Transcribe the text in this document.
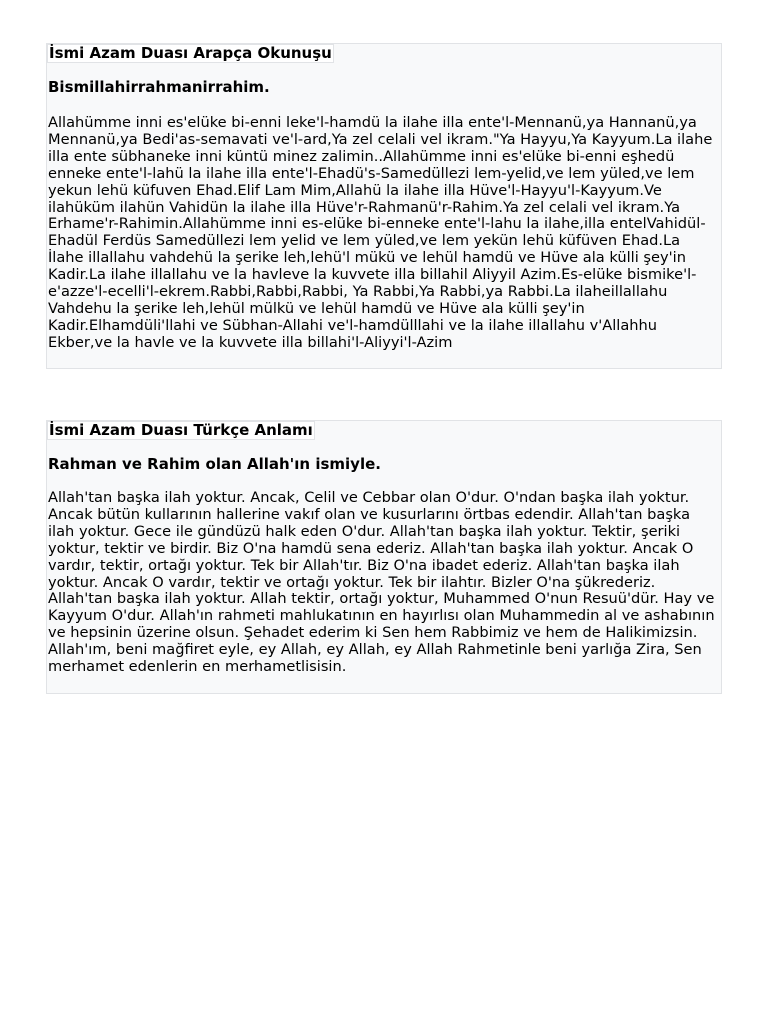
İsmi Azam Duası Arapça Okunuşu
Bismillahirrahmanirrahim.

Allahümme inni es'elüke bi-enni leke'l-hamdü la ilahe illa ente'l-Mennanü,ya Hannanü,ya Mennanü,ya Bedi'as-semavati ve'l-ard,Ya zel celali vel ikram."Ya Hayyu,Ya Kayyum.La ilahe illa ente sübhaneke inni küntü minez zalimin..Allahümme inni es'elüke bi-enni eşhedü enneke ente'l-lahü la ilahe illa ente'l-Ehadü's-Samedüllezi lem-yelid,ve lem yüled,ve lem yekun lehü küfuven Ehad.Elif Lam Mim,Allahü la ilahe illa Hüve'l-Hayyu'l-Kayyum.Ve ilahüküm ilahün Vahidün la ilahe illa Hüve'r-Rahmanü'r-Rahim.Ya zel celali vel ikram.Ya Erhame'r-Rahimin.Allahümme inni es-elüke bi-enneke ente'l-lahu la ilahe,illa entelVahidül-Ehadül Ferdüs Samedüllezi lem yelid ve lem yüled,ve lem yekün lehü küfüven Ehad.La İlahe illallahu vahdehü la şerike leh,lehü'l mükü ve lehül hamdü ve Hüve ala külli şey'in Kadir.La ilahe illallahu ve la havleve la kuvvete illa billahil Aliyyil Azim.Es-elüke bismike'l-e'azze'l-ecelli'l-ekrem.Rabbi,Rabbi,Rabbi, Ya Rabbi,Ya Rabbi,ya Rabbi.La ilaheillallahu Vahdehu la şerike leh,lehül mülkü ve lehül hamdü ve Hüve ala külli şey'in Kadir.Elhamdüli'llahi ve Sübhan-Allahi ve'l-hamdülllahi ve la ilahe illallahu v'Allahhu Ekber,ve la havle ve la kuvvete illa billahi'l-Aliyyi'l-Azim

İsmi Azam Duası Türkçe Anlamı
Rahman ve Rahim olan Allah'ın ismiyle.

Allah'tan başka ilah yoktur. Ancak, Celil ve Cebbar olan O'dur. O'ndan başka ilah yoktur. Ancak bütün kullarının hallerine vakıf olan ve kusurlarını örtbas edendir. Allah'tan başka ilah yoktur. Gece ile gündüzü halk eden O'dur. Allah'tan başka ilah yoktur. Tektir, şeriki yoktur, tektir ve birdir. Biz O'na hamdü sena ederiz. Allah'tan başka ilah yoktur. Ancak O vardır, tektir, ortağı yoktur. Tek bir Allah'tır. Biz O'na ibadet ederiz. Allah'tan başka ilah yoktur. Ancak O vardır, tektir ve ortağı yoktur. Tek bir ilahtır. Bizler O'na şükrederiz. Allah'tan başka ilah yoktur. Allah tektir, ortağı yoktur, Muhammed O'nun Resuü'dür. Hay ve Kayyum O'dur. Allah'ın rahmeti mahlukatının en hayırlısı olan Muhammedin al ve ashabının ve hepsinin üzerine olsun. Şehadet ederim ki Sen hem Rabbimiz ve hem de Halikimizsin. Allah'ım, beni mağfiret eyle, ey Allah, ey Allah, ey Allah Rahmetinle beni yarlığa Zira, Sen merhamet edenlerin en merhametlisisin.
